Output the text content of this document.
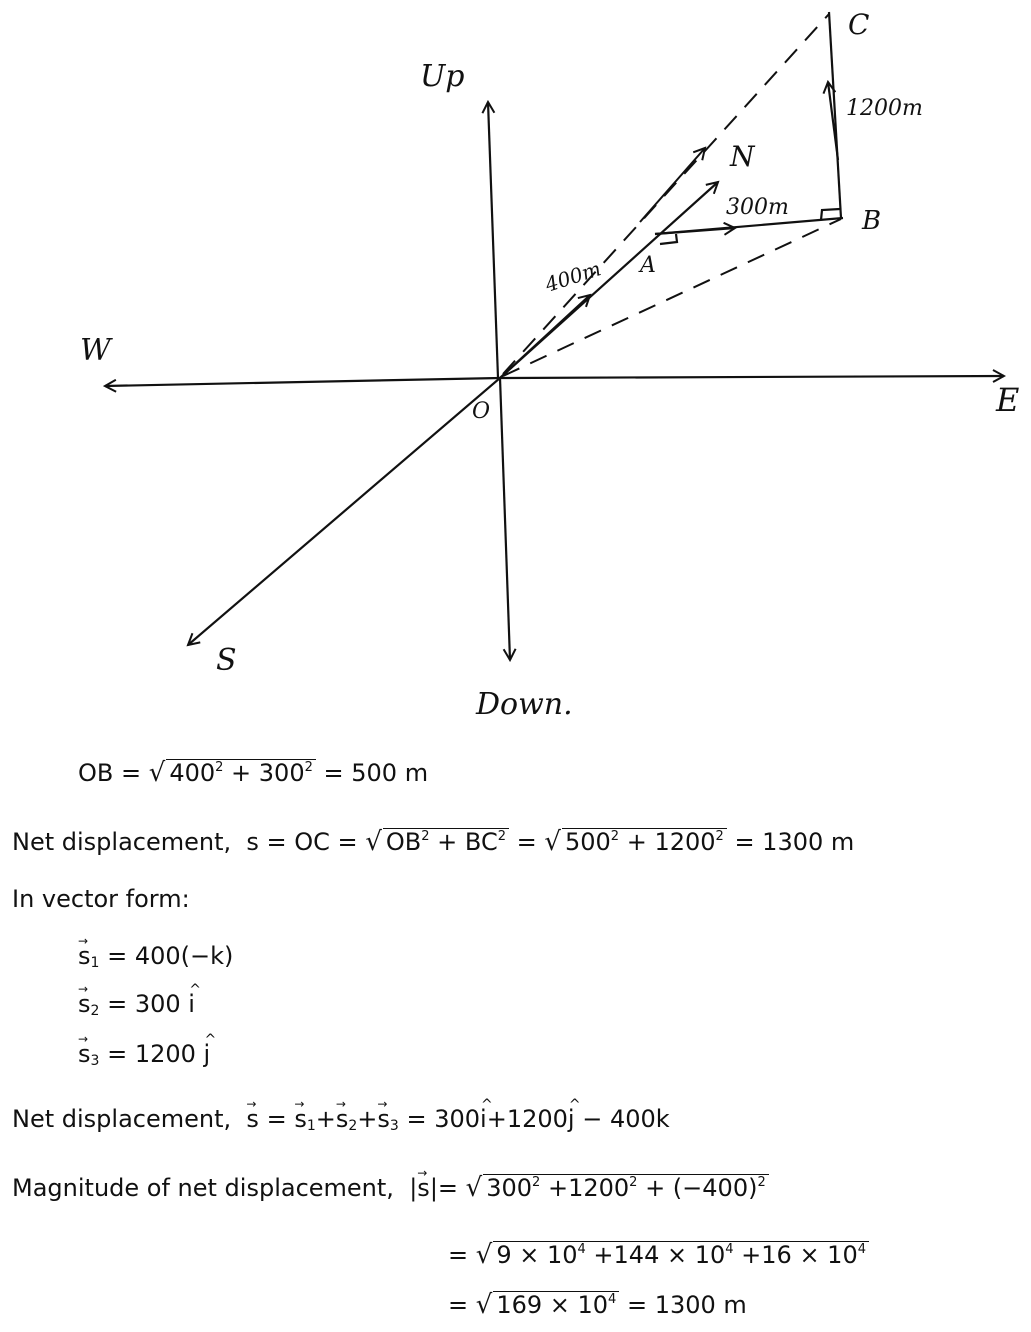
Up
Down.
W
E
S
N
O
A
B
C
400m
300m
1200m
OB = √ $400^2 + 300^2 = 500$ m
Net displacement, s = OC = √ $OB^2 + BC^2$ = √ $500^2 + 1200^2 = 1300$ m
In vector form:
→ $s_1 = 400(-k)$
→ $s_2 = 300$ ^ i
→ $s_3 = 1200$ ^ j
Net displacement, → s = → $s_1+\to s_2+\to s_3$ = 300^ i+1200^ j − 400k
Magnitude of net displacement, |→ s|= √ $300^2 +1200^2 + (-400)^2$
= √ $9 \times 10^4 +144 \times 10^4 +16 \times 10^4$
= √ $169 \times 10^4 = 1300$ m
